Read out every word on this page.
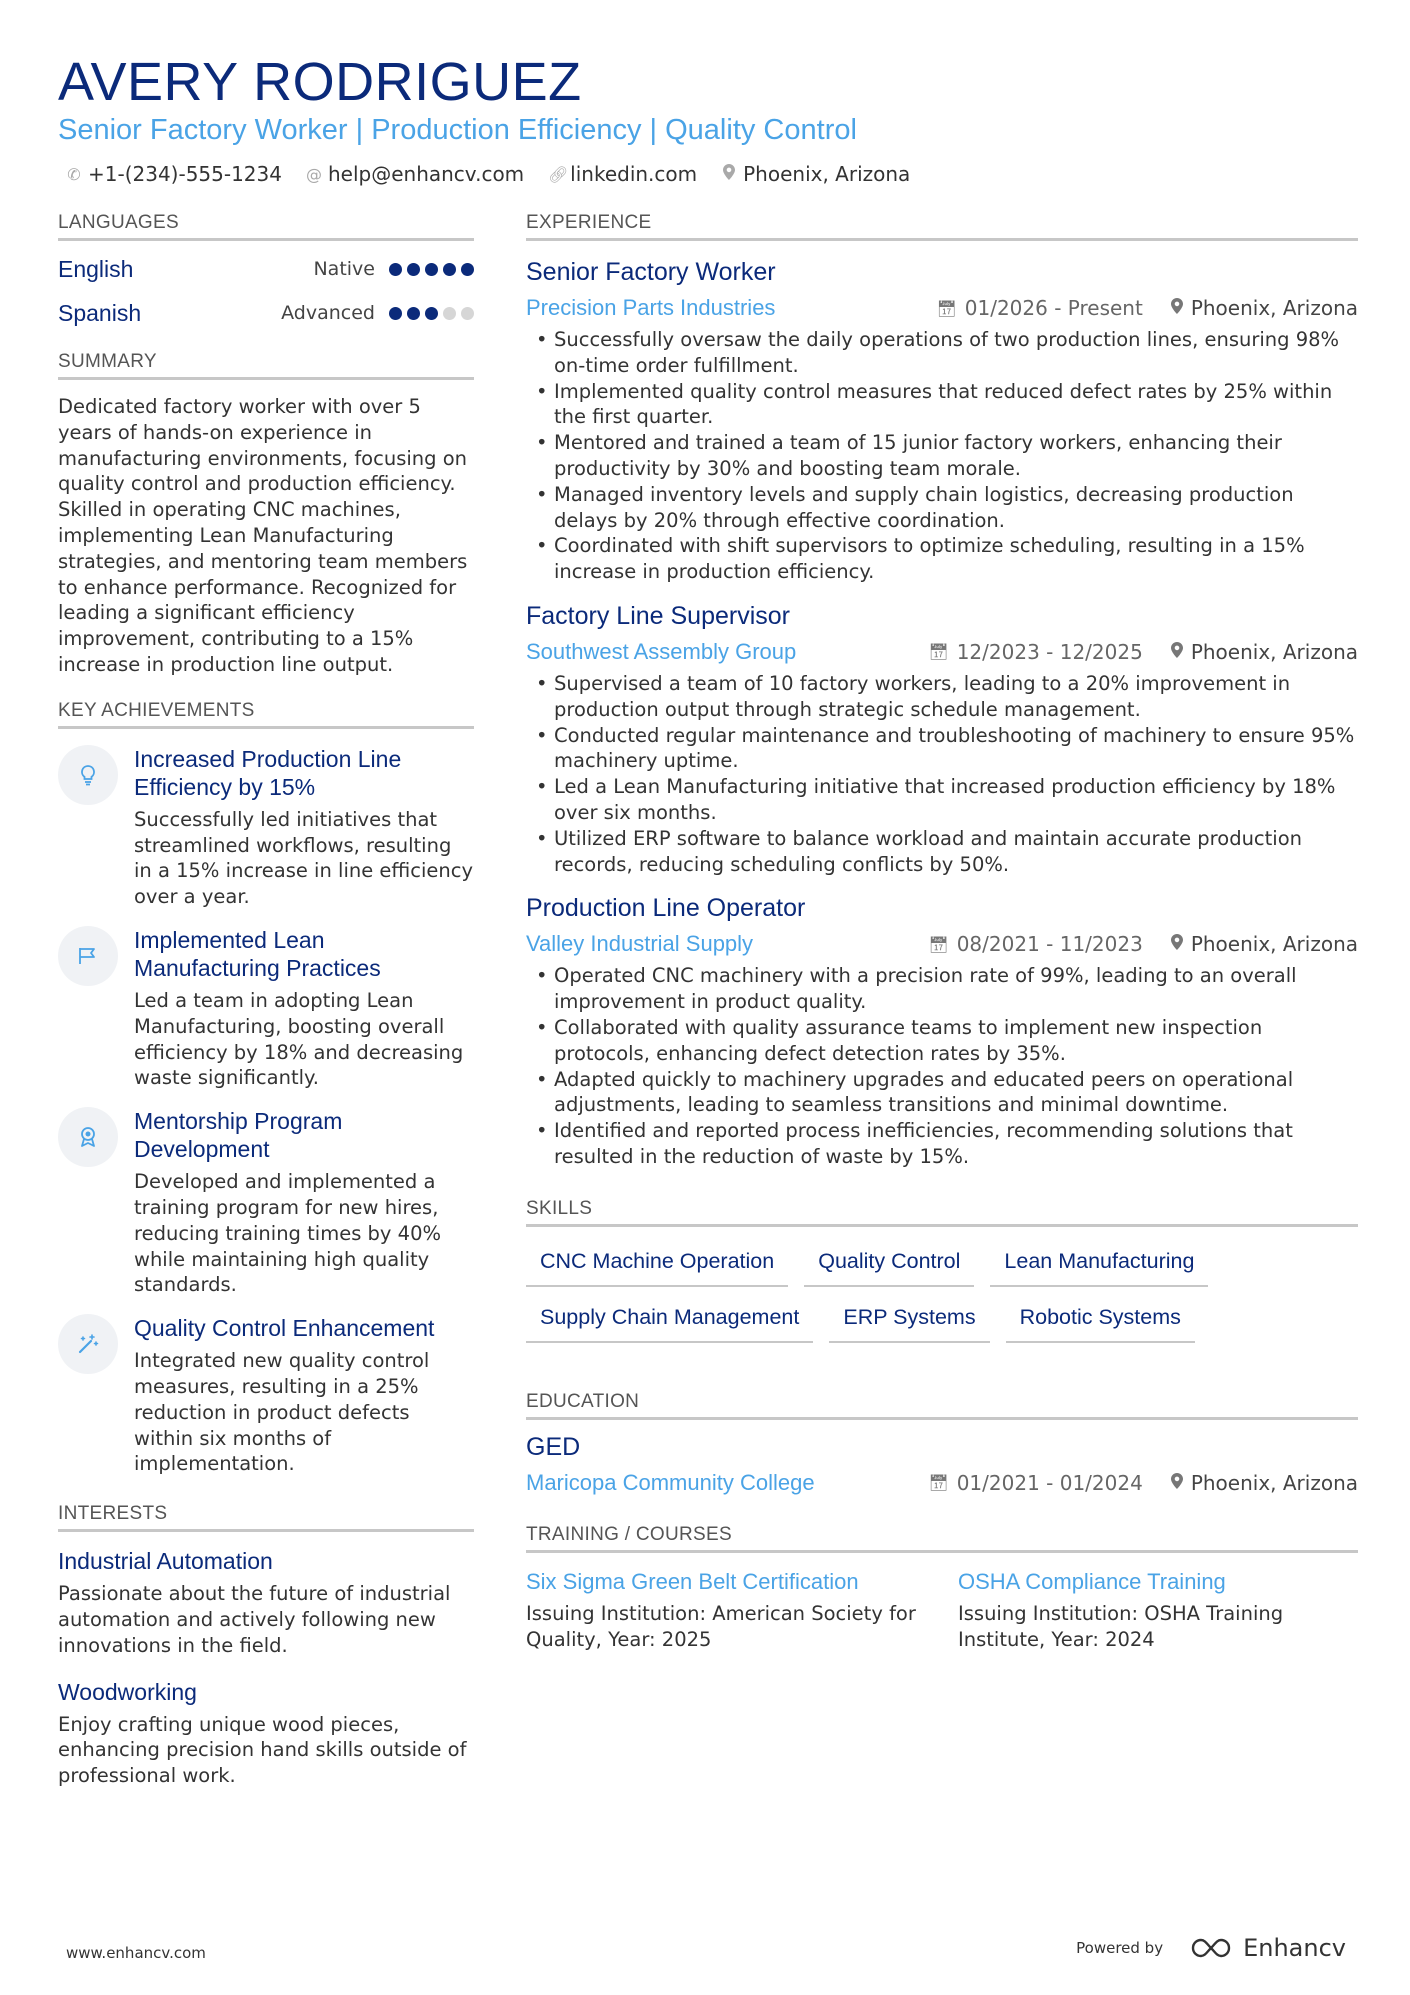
AVERY RODRIGUEZ
Senior Factory Worker | Production Efficiency | Quality Control
✆ +1-(234)-555-1234 @ help@enhancv.com 🔗︎ linkedin.com Phoenix, Arizona
LANGUAGES
English	Native
Spanish	Advanced
SUMMARY
Dedicated factory worker with over 5 years of hands-on experience in manufacturing environments, focusing on quality control and production efficiency. Skilled in operating CNC machines, implementing Lean Manufacturing strategies, and mentoring team members to enhance performance. Recognized for leading a significant efficiency improvement, contributing to a 15% increase in production line output.
KEY ACHIEVEMENTS
Increased Production Line Efficiency by 15%
Successfully led initiatives that streamlined workflows, resulting in a 15% increase in line efficiency over a year.
Implemented Lean Manufacturing Practices
Led a team in adopting Lean Manufacturing, boosting overall efficiency by 18% and decreasing waste significantly.
Mentorship Program Development
Developed and implemented a training program for new hires, reducing training times by 40% while maintaining high quality standards.
Quality Control Enhancement
Integrated new quality control measures, resulting in a 25% reduction in product defects within six months of implementation.
INTERESTS
Industrial Automation
Passionate about the future of industrial automation and actively following new innovations in the field.
Woodworking
Enjoy crafting unique wood pieces, enhancing precision hand skills outside of professional work.
EXPERIENCE
Senior Factory Worker
Precision Parts Industries	📅︎ 01/2026 - Present Phoenix, Arizona
• Successfully oversaw the daily operations of two production lines, ensuring 98% on-time order fulfillment.
• Implemented quality control measures that reduced defect rates by 25% within the first quarter.
• Mentored and trained a team of 15 junior factory workers, enhancing their productivity by 30% and boosting team morale.
• Managed inventory levels and supply chain logistics, decreasing production delays by 20% through effective coordination.
• Coordinated with shift supervisors to optimize scheduling, resulting in a 15% increase in production efficiency.
Factory Line Supervisor
Southwest Assembly Group	📅︎ 12/2023 - 12/2025 Phoenix, Arizona
• Supervised a team of 10 factory workers, leading to a 20% improvement in production output through strategic schedule management.
• Conducted regular maintenance and troubleshooting of machinery to ensure 95% machinery uptime.
• Led a Lean Manufacturing initiative that increased production efficiency by 18% over six months.
• Utilized ERP software to balance workload and maintain accurate production records, reducing scheduling conflicts by 50%.
Production Line Operator
Valley Industrial Supply	📅︎ 08/2021 - 11/2023 Phoenix, Arizona
• Operated CNC machinery with a precision rate of 99%, leading to an overall improvement in product quality.
• Collaborated with quality assurance teams to implement new inspection protocols, enhancing defect detection rates by 35%.
• Adapted quickly to machinery upgrades and educated peers on operational adjustments, leading to seamless transitions and minimal downtime.
• Identified and reported process inefficiencies, recommending solutions that resulted in the reduction of waste by 15%.
SKILLS
CNC Machine Operation	Quality Control	Lean Manufacturing
Supply Chain Management	ERP Systems	Robotic Systems
EDUCATION
GED
Maricopa Community College	📅︎ 01/2021 - 01/2024 Phoenix, Arizona
TRAINING / COURSES
Six Sigma Green Belt Certification
Issuing Institution: American Society for Quality, Year: 2025
OSHA Compliance Training
Issuing Institution: OSHA Training Institute, Year: 2024
www.enhancv.com	Powered by	Enhancv
